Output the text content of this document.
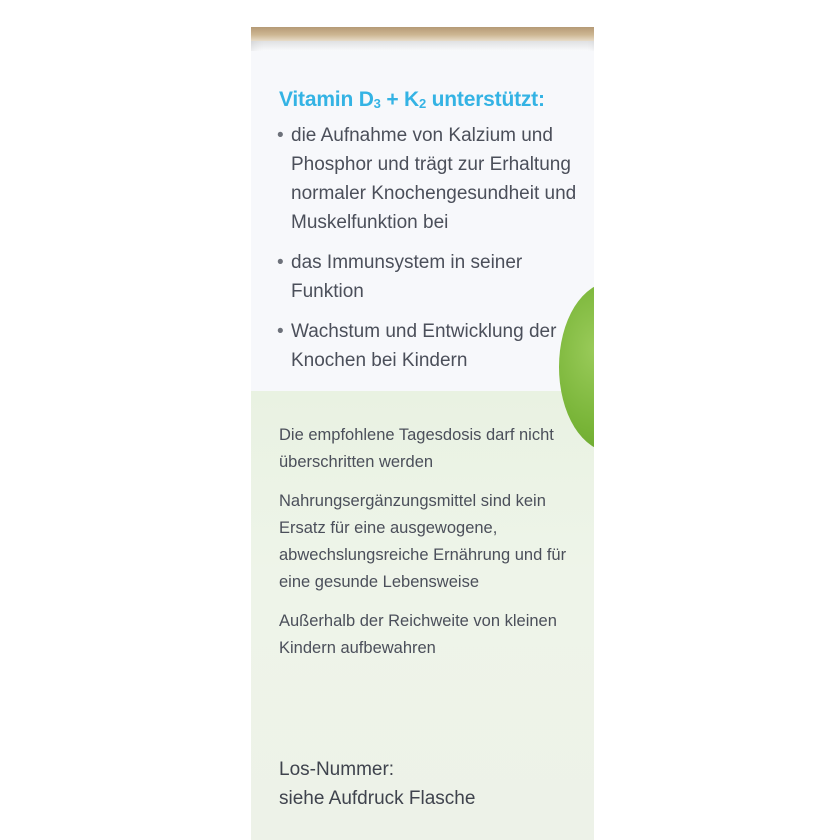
Vitamin $D_3 + K_2$ unterstützt:
• die Aufnahme von Kalzium und Phosphor und trägt zur Erhaltung normaler Knochengesundheit und Muskelfunktion bei
• das Immunsystem in seiner Funktion
• Wachstum und Entwicklung der Knochen bei Kindern

Die empfohlene Tagesdosis darf nicht überschritten werden

Nahrungsergänzungsmittel sind kein Ersatz für eine ausgewogene, abwechslungsreiche Ernährung und für eine gesunde Lebensweise

Außerhalb der Reichweite von kleinen Kindern aufbewahren

Los-Nummer:
siehe Aufdruck Flasche
